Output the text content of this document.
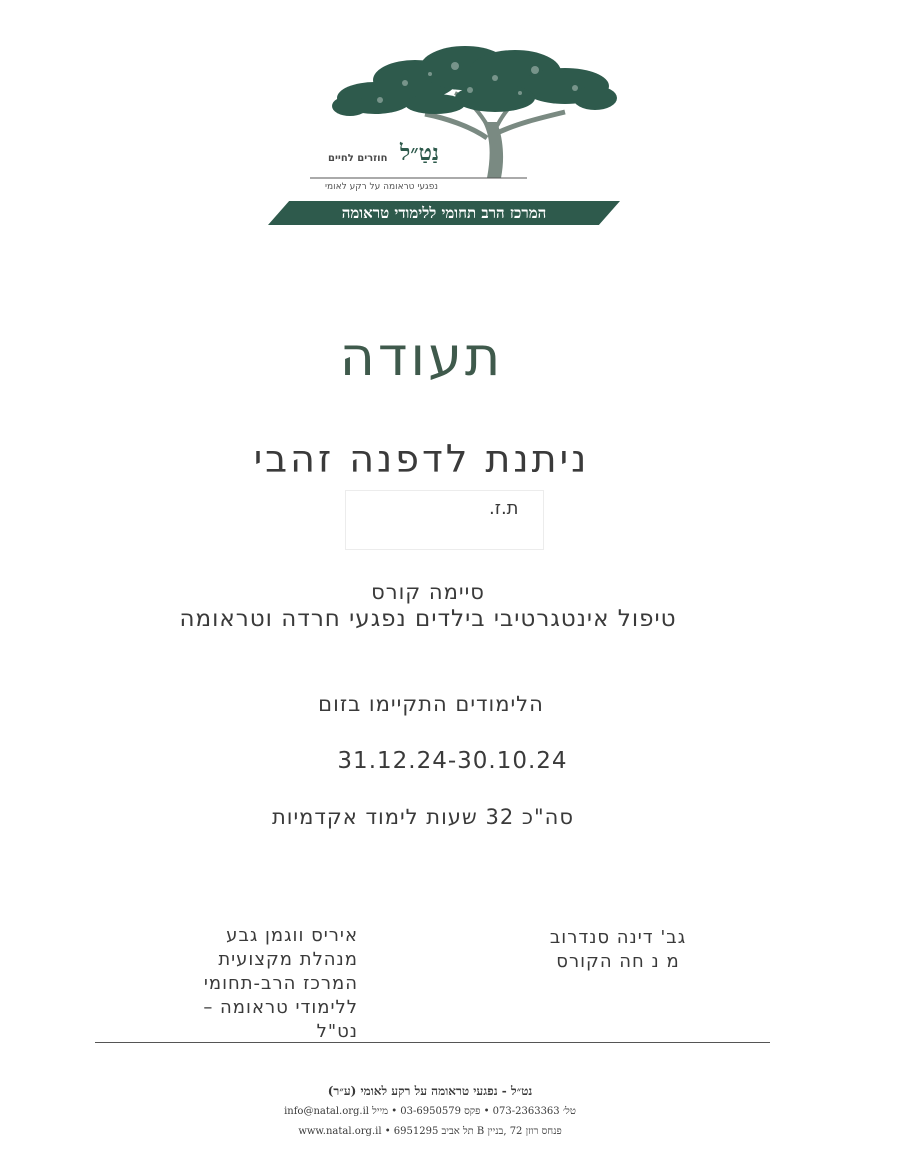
נַטַ״ל
חוזרים לחיים
נפגעי טראומה על רקע לאומי
המרכז הרב תחומי ללימודי טראומה
תעודה
ניתנת לדפנה זהבי
ת.ז.
סיימה קורס
טיפול אינטגרטיבי בילדים נפגעי חרדה וטראומה
הלימודים התקיימו בזום
31.12.24-30.10.24
סה"כ 32 שעות לימוד אקדמיות
גב' דינה סנדרוב
מ נ חה הקורס
איריס ווגמן גבע
מנהלת מקצועית
המרכז הרב-תחומי
ללימודי טראומה – נט"ל
נט״ל - נפגעי טראומה על רקע לאומי (ע״ר)
טל׳ 073-2363363 • פקס 03-6950579 • מייל info@natal.org.il
פנחס רוזן 72 ,בניין B תל אביב 6951295 • www.natal.org.il
